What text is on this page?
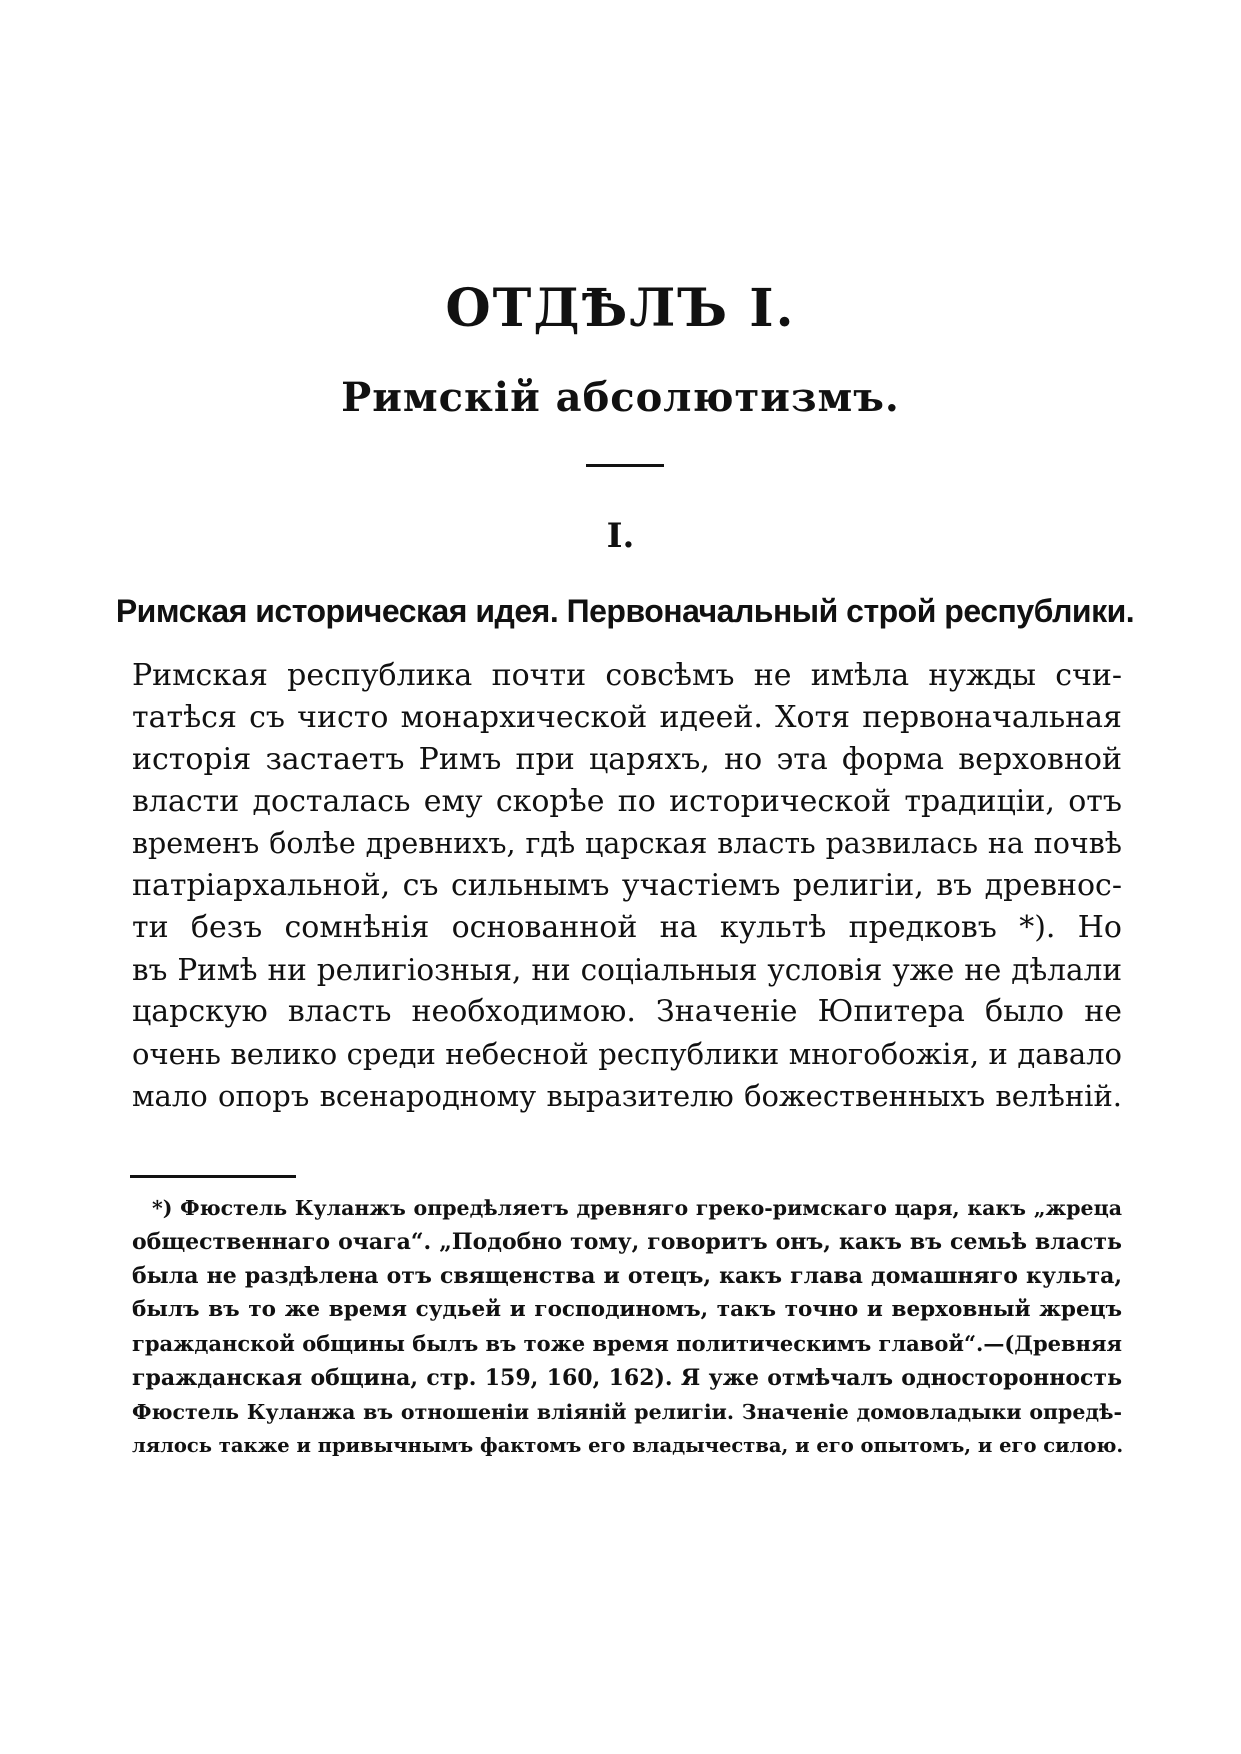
ОТДѢЛЪ I.
Римскій абсолютизмъ.
I.
Римская историческая идея. Первоначальный строй республики.
Римская республика почти совсѣмъ не имѣла нужды счи-
татѣся съ чисто монархической идеей. Хотя первоначальная
исторія застаетъ Римъ при царяхъ, но эта форма верховной
власти досталась ему скорѣе по исторической традиціи, отъ
временъ болѣе древнихъ, гдѣ царская власть развилась на почвѣ
патріархальной, съ сильнымъ участіемъ религіи, въ древнос-
ти безъ сомнѣнія основанной на культѣ предковъ *). Но
въ Римѣ ни религіозныя, ни соціальныя условія уже не дѣлали
царскую власть необходимою. Значеніе Юпитера было не
очень велико среди небесной республики многобожія, и давало
мало опоръ всенародному выразителю божественныхъ велѣній.
*) Фюстель Куланжъ опредѣляетъ древняго греко-римскаго царя, какъ „жреца
общественнаго очага“. „Подобно тому, говоритъ онъ, какъ въ семьѣ власть
была не раздѣлена отъ священства и отецъ, какъ глава домашняго культа,
былъ въ то же время судьей и господиномъ, такъ точно и верховный жрецъ
гражданской общины былъ въ тоже время политическимъ главой“.—(Древняя
гражданская община, стр. 159, 160, 162). Я уже отмѣчалъ односторонность
Фюстель Куланжа въ отношеніи вліяній религіи. Значеніе домовладыки опредѣ-
лялось также и привычнымъ фактомъ его владычества, и его опытомъ, и его силою.
